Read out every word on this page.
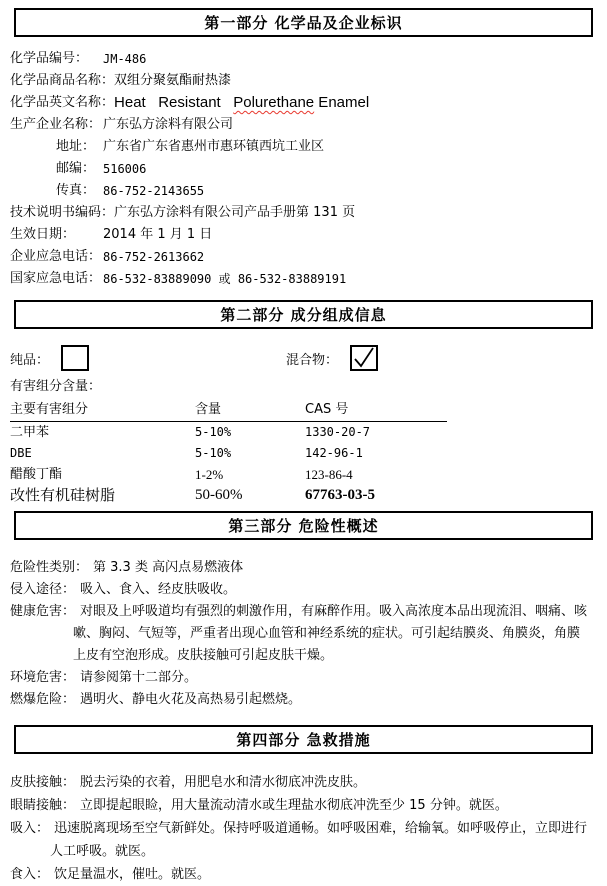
第一部分 化学品及企业标识
化学品编号：	JM-486
化学品商品名称： 双组分聚氨酯耐热漆
化学品英文名称： Heat   Resistant   Polurethane Enamel
生产企业名称： 广东弘方涂料有限公司
地址： 广东省广东省惠州市惠环镇西坑工业区
邮编： 516006
传真： 86-752-2143655
技术说明书编码： 广东弘方涂料有限公司产品手册第 131 页
生效日期：	2014 年 1 月 1 日
企业应急电话： 86-752-2613662
国家应急电话： 86-532-83889090 或 86-532-83889191
第二部分 成分组成信息
纯品：	混合物：
有害组分含量：
主要有害组分	含量	CAS 号
二甲苯	5-10%	1330-20-7
DBE	5-10%	142-96-1
醋酸丁酯	1-2%	123-86-4
改性有机硅树脂	50-60%	67763-03-5
第三部分 危险性概述

危险性类别： 第 3.3 类 高闪点易燃液体

侵入途径： 吸入、食入、经皮肤吸收。

健康危害： 对眼及上呼吸道均有强烈的刺激作用，有麻醉作用。吸入高浓度本品出现流泪、咽痛、咳嗽、胸闷、气短等，严重者出现心血管和神经系统的症状。可引起结膜炎、角膜炎，角膜上皮有空泡形成。皮肤接触可引起皮肤干燥。

环境危害： 请参阅第十二部分。

燃爆危险： 遇明火、静电火花及高热易引起燃烧。

第四部分 急救措施

皮肤接触： 脱去污染的衣着，用肥皂水和清水彻底冲洗皮肤。

眼睛接触： 立即提起眼睑，用大量流动清水或生理盐水彻底冲洗至少 15 分钟。就医。

吸入： 迅速脱离现场至空气新鲜处。保持呼吸道通畅。如呼吸困难，给输氧。如呼吸停止，立即进行人工呼吸。就医。

食入： 饮足量温水，催吐。就医。
